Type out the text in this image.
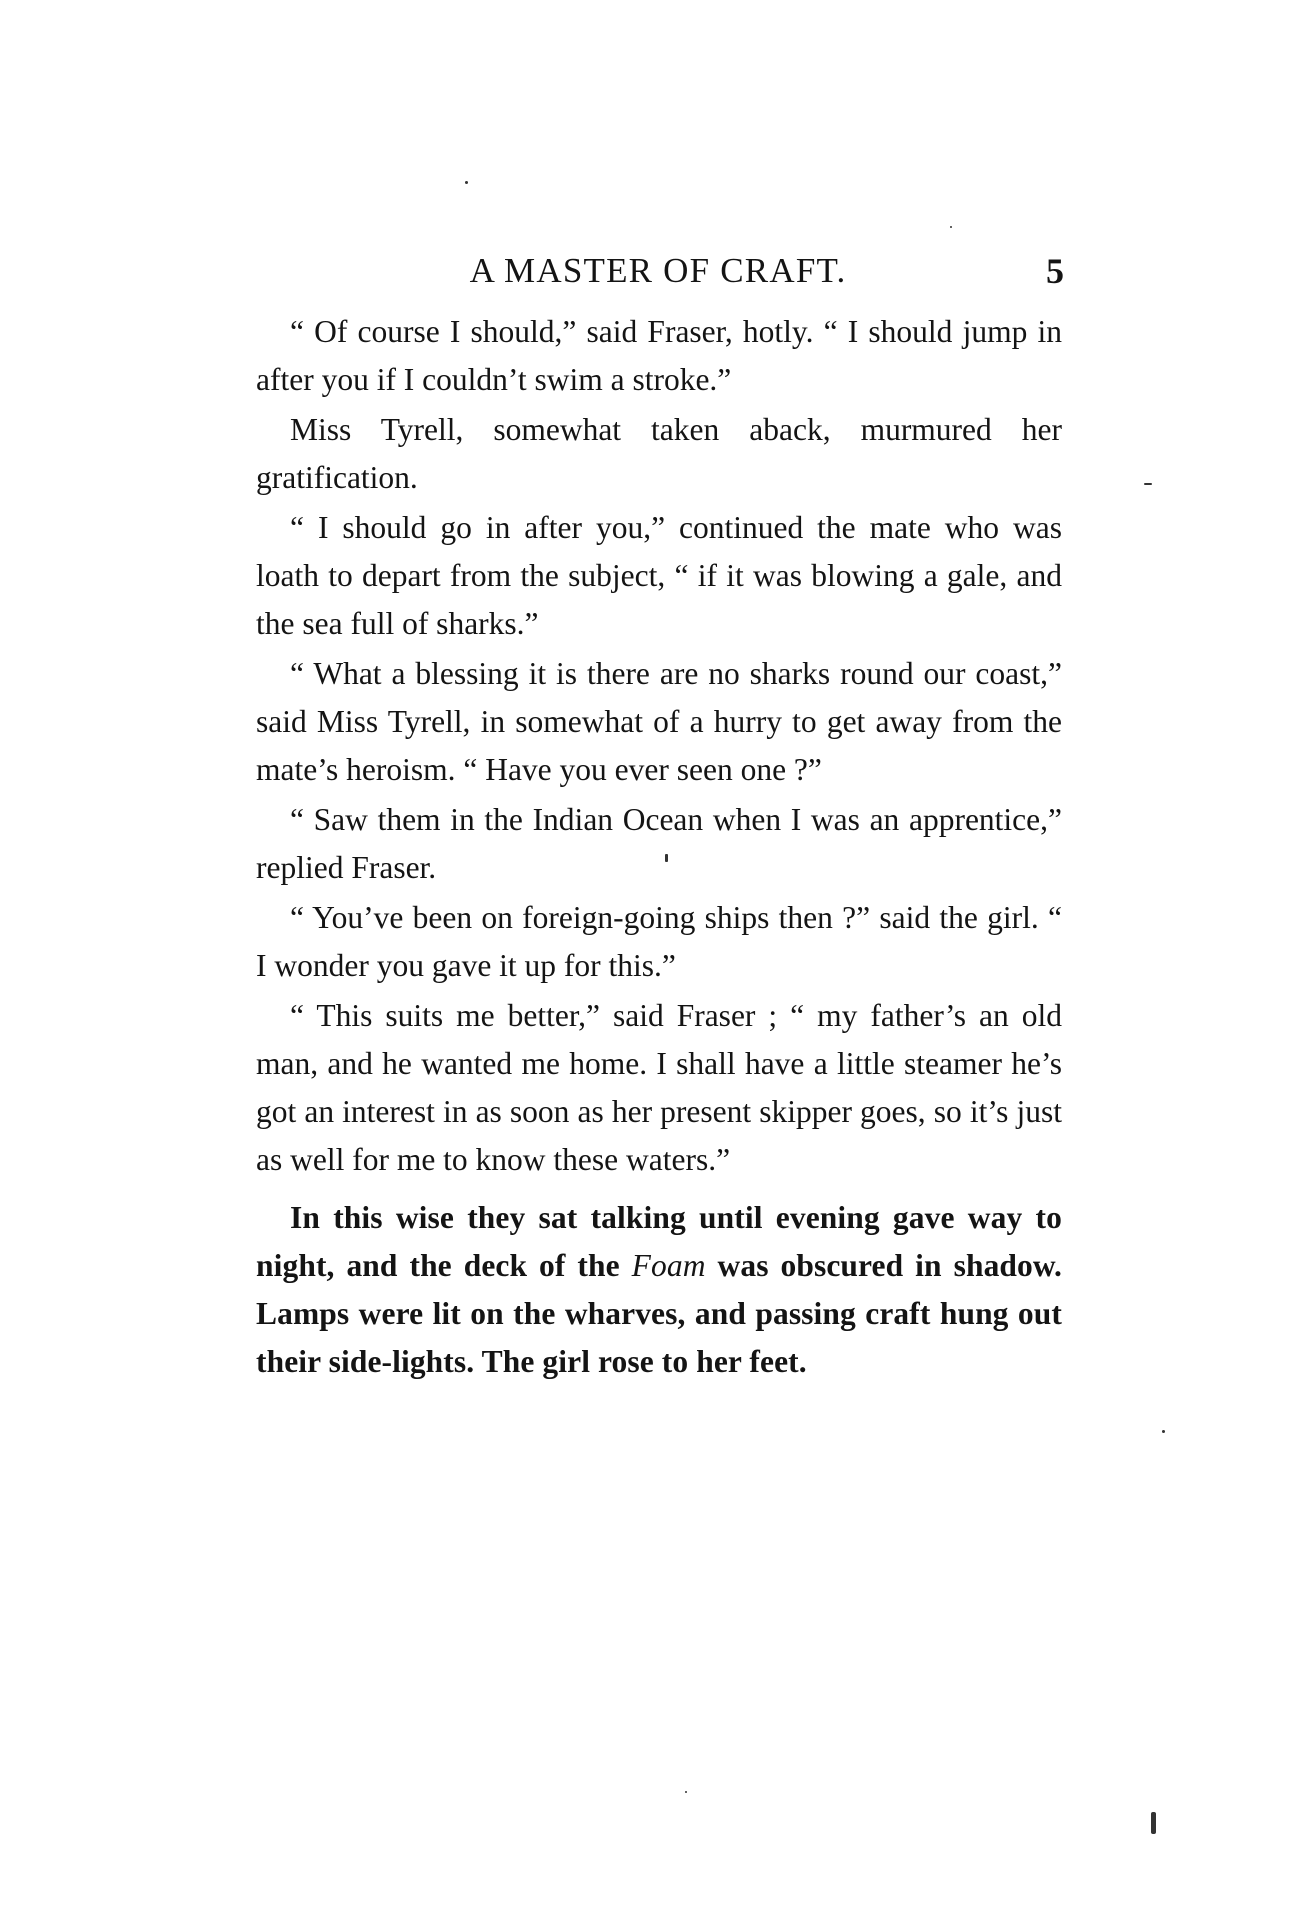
A MASTER OF CRAFT.	5

“ Of course I should,” said Fraser, hotly. “ I should jump in after you if I couldn’t swim a stroke.”

Miss Tyrell, somewhat taken aback, murmured her gratification.

“ I should go in after you,” continued the mate who was loath to depart from the subject, “ if it was blowing a gale, and the sea full of sharks.”

“ What a blessing it is there are no sharks round our coast,” said Miss Tyrell, in somewhat of a hurry to get away from the mate’s heroism. “ Have you ever seen one ?”

“ Saw them in the Indian Ocean when I was an apprentice,” replied Fraser.

“ You’ve been on foreign-going ships then ?” said the girl. “ I wonder you gave it up for this.”

“ This suits me better,” said Fraser ; “ my father’s an old man, and he wanted me home. I shall have a little steamer he’s got an interest in as soon as her present skipper goes, so it’s just as well for me to know these waters.”

In this wise they sat talking until evening gave way to night, and the deck of the Foam was obscured in shadow. Lamps were lit on the wharves, and passing craft hung out their side-lights. The girl rose to her feet.
